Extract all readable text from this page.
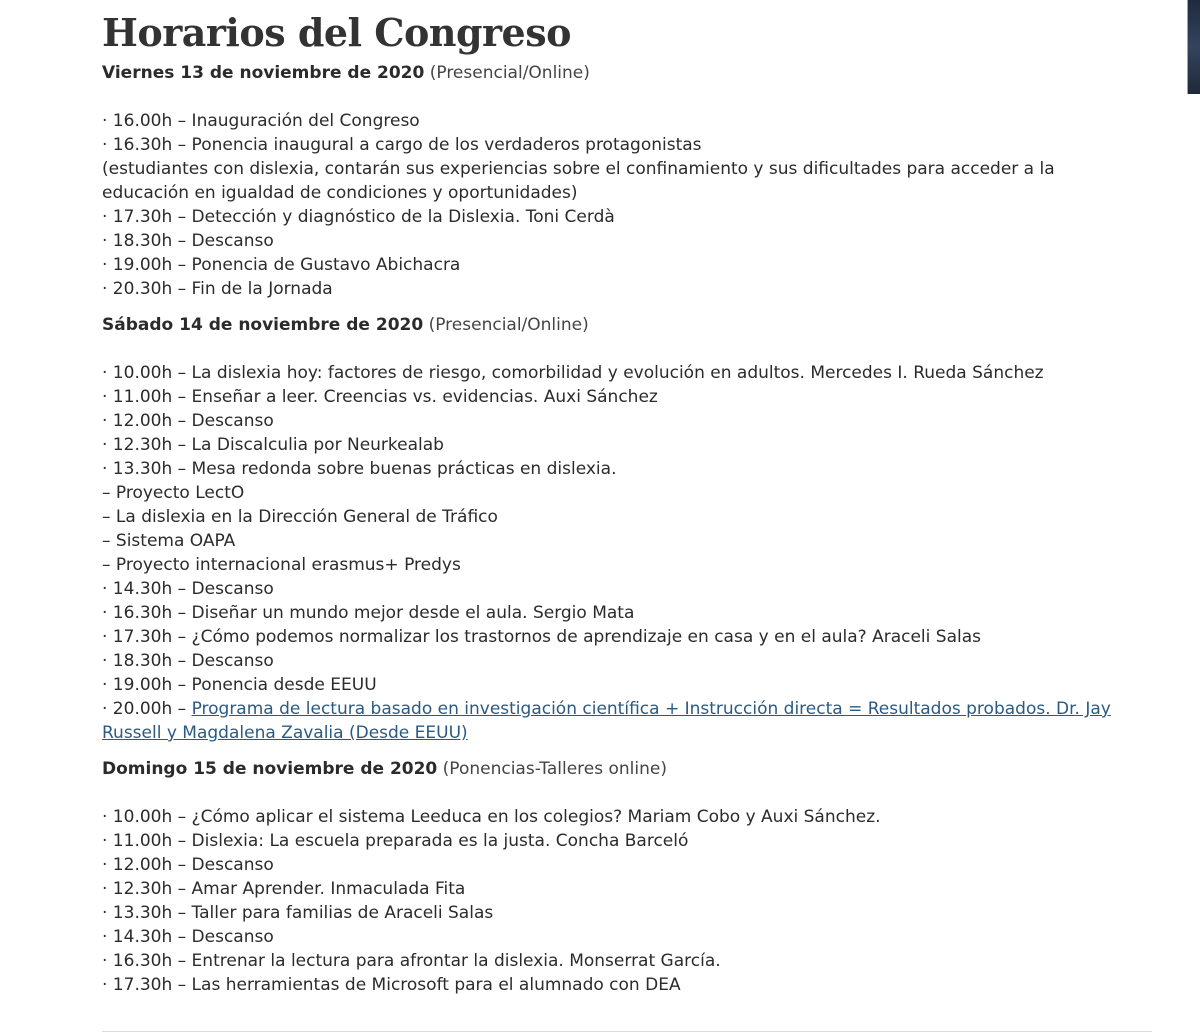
Horarios del Congreso

Viernes 13 de noviembre de 2020 (Presencial/Online)

· 16.00h – Inauguración del Congreso
· 16.30h – Ponencia inaugural a cargo de los verdaderos protagonistas
(estudiantes con dislexia, contarán sus experiencias sobre el confinamiento y sus dificultades para acceder a la educación en igualdad de condiciones y oportunidades)
· 17.30h – Detección y diagnóstico de la Dislexia. Toni Cerdà
· 18.30h – Descanso
· 19.00h – Ponencia de Gustavo Abichacra
· 20.30h – Fin de la Jornada

Sábado 14 de noviembre de 2020 (Presencial/Online)

· 10.00h – La dislexia hoy: factores de riesgo, comorbilidad y evolución en adultos. Mercedes I. Rueda Sánchez
· 11.00h – Enseñar a leer. Creencias vs. evidencias. Auxi Sánchez
· 12.00h – Descanso
· 12.30h – La Discalculia por Neurkealab
· 13.30h – Mesa redonda sobre buenas prácticas en dislexia.
– Proyecto LectO
– La dislexia en la Dirección General de Tráfico
– Sistema OAPA
– Proyecto internacional erasmus+ Predys
· 14.30h – Descanso
· 16.30h – Diseñar un mundo mejor desde el aula. Sergio Mata
· 17.30h – ¿Cómo podemos normalizar los trastornos de aprendizaje en casa y en el aula? Araceli Salas
· 18.30h – Descanso
· 19.00h – Ponencia desde EEUU
· 20.00h – Programa de lectura basado en investigación científica + Instrucción directa = Resultados probados. Dr. Jay Russell y Magdalena Zavalia (Desde EEUU)

Domingo 15 de noviembre de 2020 (Ponencias-Talleres online)

· 10.00h – ¿Cómo aplicar el sistema Leeduca en los colegios? Mariam Cobo y Auxi Sánchez.
· 11.00h – Dislexia: La escuela preparada es la justa. Concha Barceló
· 12.00h – Descanso
· 12.30h – Amar Aprender. Inmaculada Fita
· 13.30h – Taller para familias de Araceli Salas
· 14.30h – Descanso
· 16.30h – Entrenar la lectura para afrontar la dislexia. Monserrat García.
· 17.30h – Las herramientas de Microsoft para el alumnado con DEA
